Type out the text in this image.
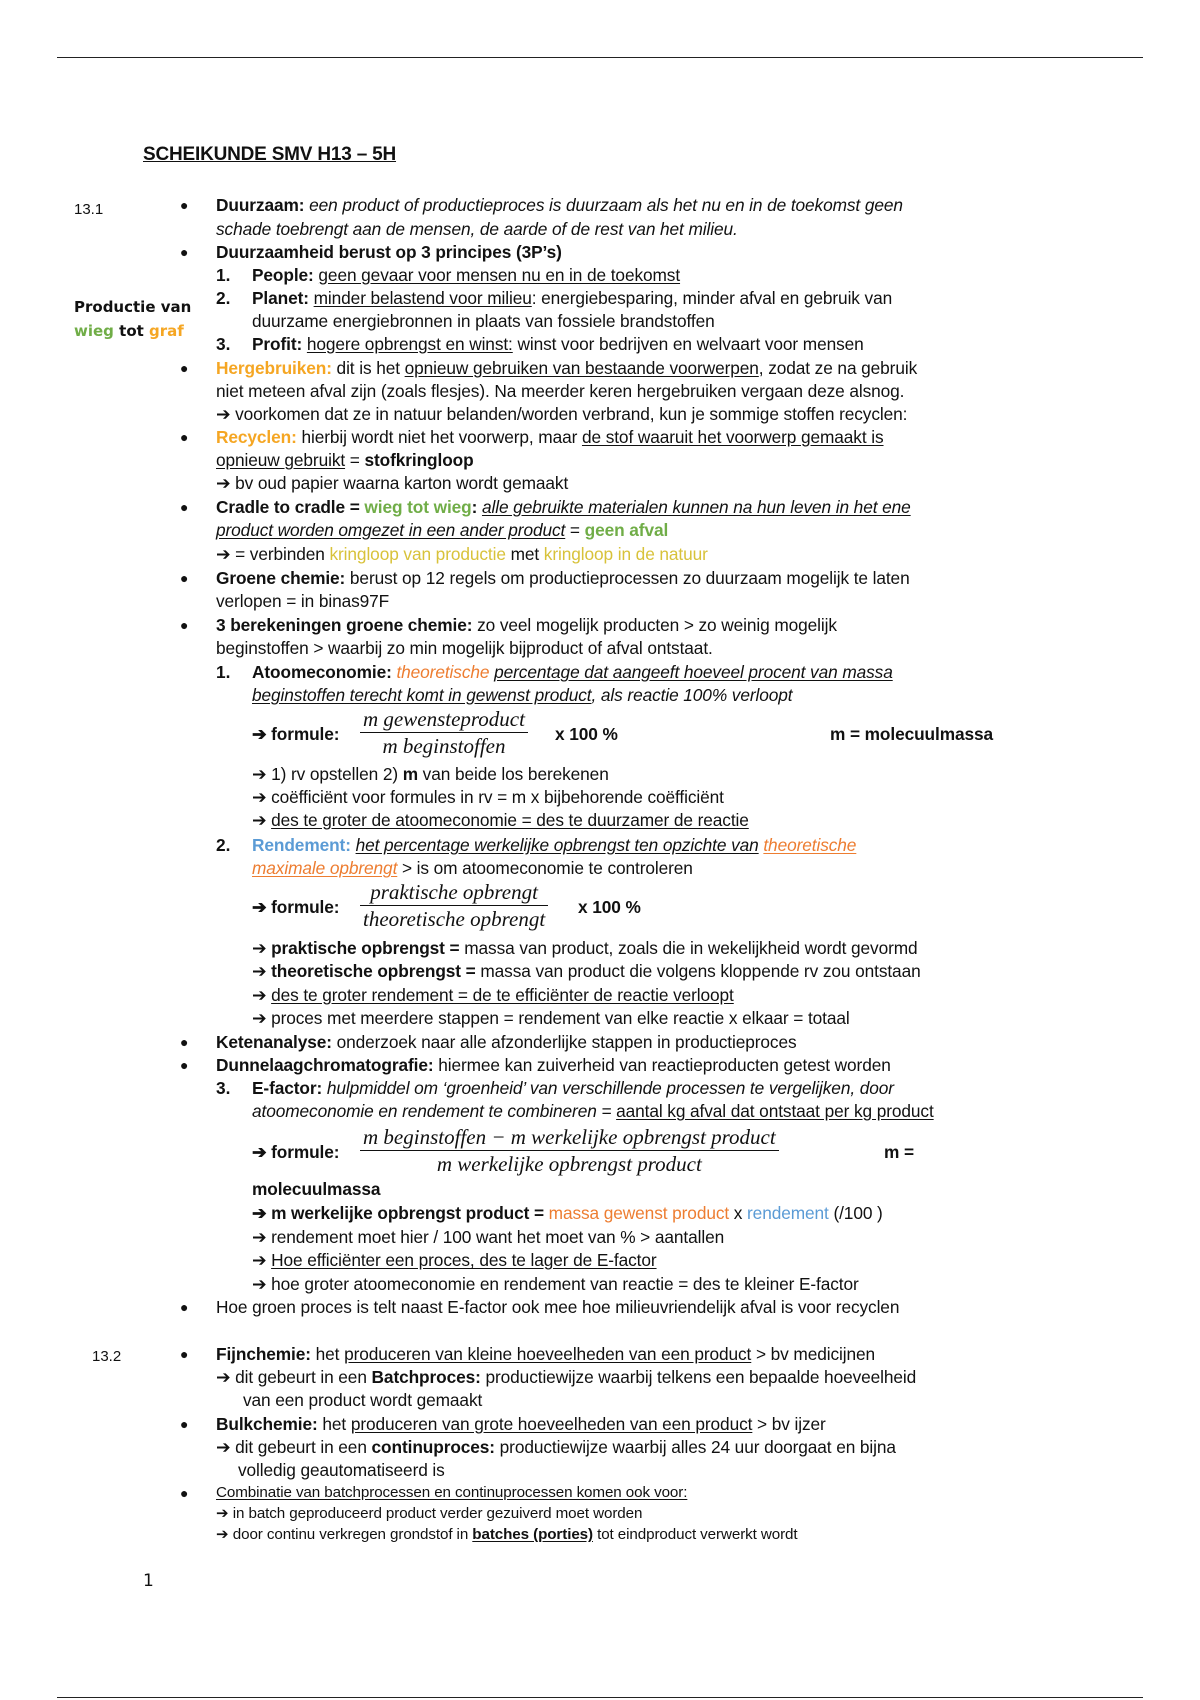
SCHEIKUNDE SMV H13 – 5H
13.1
Productie van
wieg tot graf
13.2
●
●
●
●
●
●
●
●
●
●
●
●
●
Duurzaam: een product of productieproces is duurzaam als het nu en in de toekomst geen
schade toebrengt aan de mensen, de aarde of de rest van het milieu.
Duurzaamheid berust op 3 principes (3P’s)
1. People: geen gevaar voor mensen nu en in de toekomst
2. Planet: minder belastend voor milieu: energiebesparing, minder afval en gebruik van
duurzame energiebronnen in plaats van fossiele brandstoffen
3. Profit: hogere opbrengst en winst: winst voor bedrijven en welvaart voor mensen
Hergebruiken: dit is het opnieuw gebruiken van bestaande voorwerpen, zodat ze na gebruik
niet meteen afval zijn (zoals flesjes). Na meerder keren hergebruiken vergaan deze alsnog.
➔ voorkomen dat ze in natuur belanden/worden verbrand, kun je sommige stoffen recyclen:
Recyclen: hierbij wordt niet het voorwerp, maar de stof waaruit het voorwerp gemaakt is
opnieuw gebruikt = stofkringloop
➔ bv oud papier waarna karton wordt gemaakt
Cradle to cradle = wieg tot wieg: alle gebruikte materialen kunnen na hun leven in het ene
product worden omgezet in een ander product = geen afval
➔ = verbinden kringloop van productie met kringloop in de natuur
Groene chemie: berust op 12 regels om productieprocessen zo duurzaam mogelijk te laten
verlopen = in binas97F
3 berekeningen groene chemie: zo veel mogelijk producten > zo weinig mogelijk
beginstoffen > waarbij zo min mogelijk bijproduct of afval ontstaat.
1. Atoomeconomie: theoretische percentage dat aangeeft hoeveel procent van massa
beginstoffen terecht komt in gewenst product, als reactie 100% verloopt
➔ formule:
m gewensteproduct
m beginstoffen	x 100 %	m = molecuulmassa
➔ 1) rv opstellen 2) m van beide los berekenen
➔ coëfficiënt voor formules in rv = m x bijbehorende coëfficiënt
➔ des te groter de atoomeconomie = des te duurzamer de reactie
2. Rendement: het percentage werkelijke opbrengst ten opzichte van theoretische
maximale opbrengt > is om atoomeconomie te controleren
➔ formule:
praktische opbrengt
theoretische opbrengt x 100 %
➔ praktische opbrengst = massa van product, zoals die in wekelijkheid wordt gevormd
➔ theoretische opbrengst = massa van product die volgens kloppende rv zou ontstaan
➔ des te groter rendement = de te efficiënter de reactie verloopt
➔ proces met meerdere stappen = rendement van elke reactie x elkaar = totaal
Ketenanalyse: onderzoek naar alle afzonderlijke stappen in productieproces
Dunnelaagchromatografie: hiermee kan zuiverheid van reactieproducten getest worden
3. E-factor: hulpmiddel om ‘groenheid’ van verschillende processen te vergelijken, door
atoomeconomie en rendement te combineren = aantal kg afval dat ontstaat per kg product
➔ formule:
m beginstoffen − m werkelijke opbrengst product
m werkelijke opbrengst product	m =
molecuulmassa
➔ m werkelijke opbrengst product = massa gewenst product x rendement (/100 )
➔ rendement moet hier / 100 want het moet van % > aantallen
➔ Hoe efficiënter een proces, des te lager de E-factor
➔ hoe groter atoomeconomie en rendement van reactie = des te kleiner E-factor
Hoe groen proces is telt naast E-factor ook mee hoe milieuvriendelijk afval is voor recyclen
Fijnchemie: het produceren van kleine hoeveelheden van een product > bv medicijnen
➔ dit gebeurt in een Batchproces: productiewijze waarbij telkens een bepaalde hoeveelheid
van een product wordt gemaakt
Bulkchemie: het produceren van grote hoeveelheden van een product > bv ijzer
➔ dit gebeurt in een continuproces: productiewijze waarbij alles 24 uur doorgaat en bijna
volledig geautomatiseerd is
Combinatie van batchprocessen en continuprocessen komen ook voor:
➔ in batch geproduceerd product verder gezuiverd moet worden
➔ door continu verkregen grondstof in batches (porties) tot eindproduct verwerkt wordt
1
